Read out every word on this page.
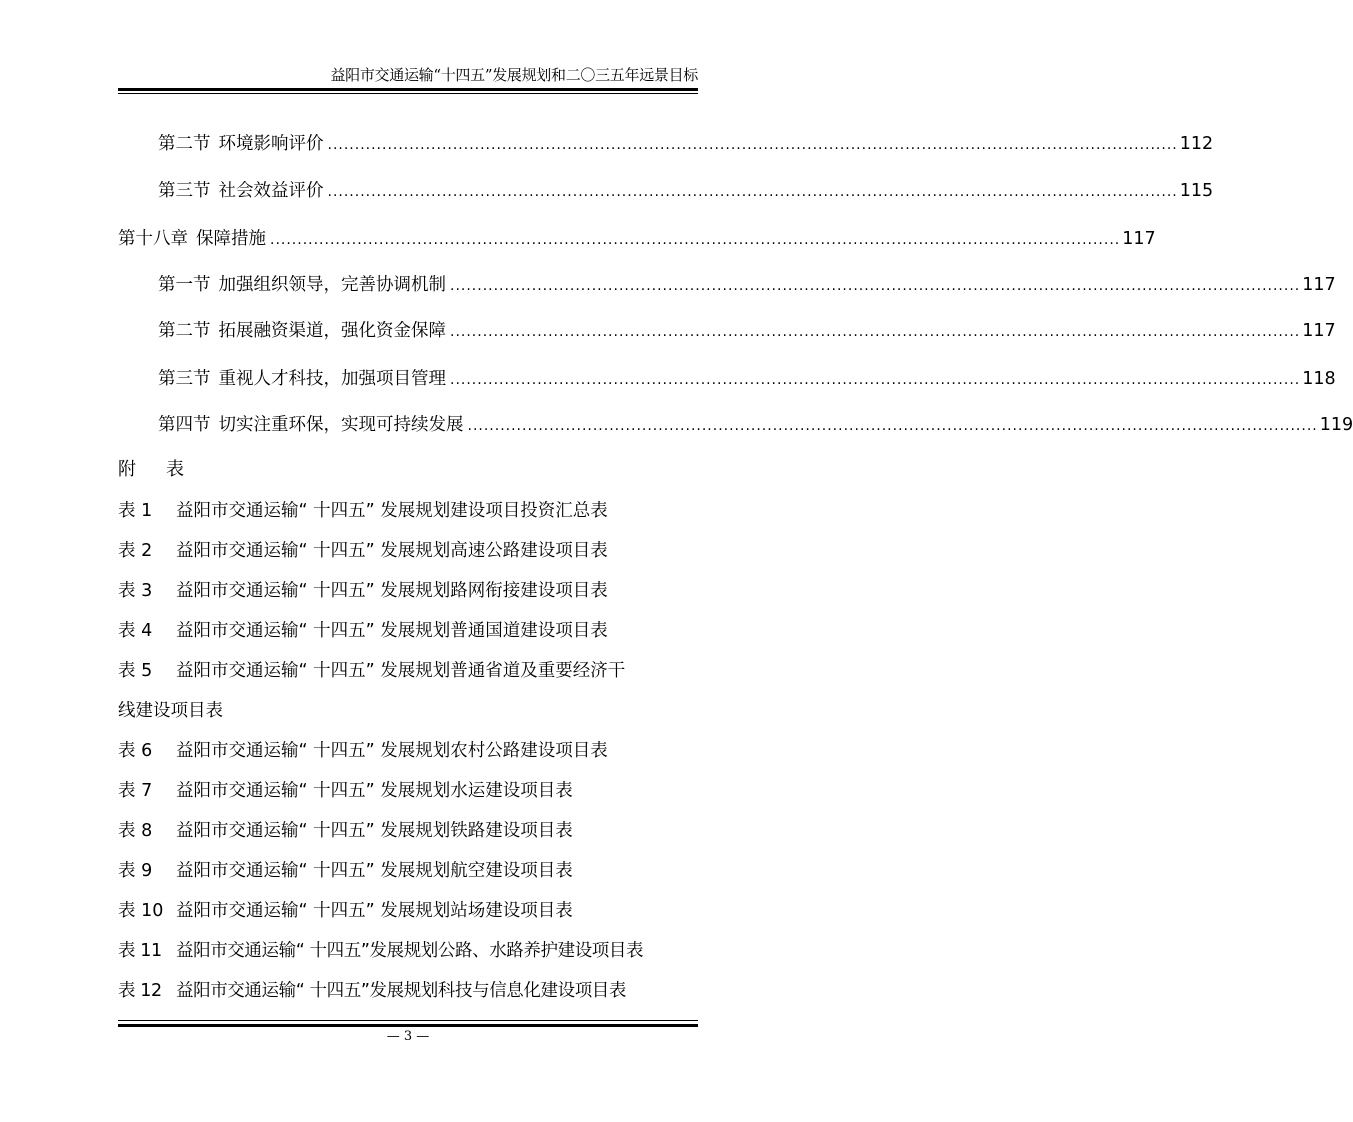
益阳市交通运输“十四五”发展规划和二〇三五年远景目标
第二节 环境影响评价 ............................................................................................................................................................ 112
第三节 社会效益评价 ............................................................................................................................................................ 115
第十八章 保障措施 ............................................................................................................................................................ 117
第一节 加强组织领导，完善协调机制 ............................................................................................................................................................ 117
第二节 拓展融资渠道，强化资金保障 ............................................................................................................................................................ 117
第三节 重视人才科技，加强项目管理 ............................................................................................................................................................ 118
第四节 切实注重环保，实现可持续发展 ............................................................................................................................................................ 119
附 表
表 1 益阳市交通运输“ 十四五” 发展规划建设项目投资汇总表
表 2 益阳市交通运输“ 十四五” 发展规划高速公路建设项目表
表 3 益阳市交通运输“ 十四五” 发展规划路网衔接建设项目表
表 4 益阳市交通运输“ 十四五” 发展规划普通国道建设项目表
表 5 益阳市交通运输“ 十四五” 发展规划普通省道及重要经济干
线建设项目表
表 6 益阳市交通运输“ 十四五” 发展规划农村公路建设项目表
表 7 益阳市交通运输“ 十四五” 发展规划水运建设项目表
表 8 益阳市交通运输“ 十四五” 发展规划铁路建设项目表
表 9 益阳市交通运输“ 十四五” 发展规划航空建设项目表
表 10 益阳市交通运输“ 十四五” 发展规划站场建设项目表
表 11 益阳市交通运输“ 十四五”发展规划公路、水路养护建设项目表
表 12 益阳市交通运输“ 十四五”发展规划科技与信息化建设项目表
— 3 —
